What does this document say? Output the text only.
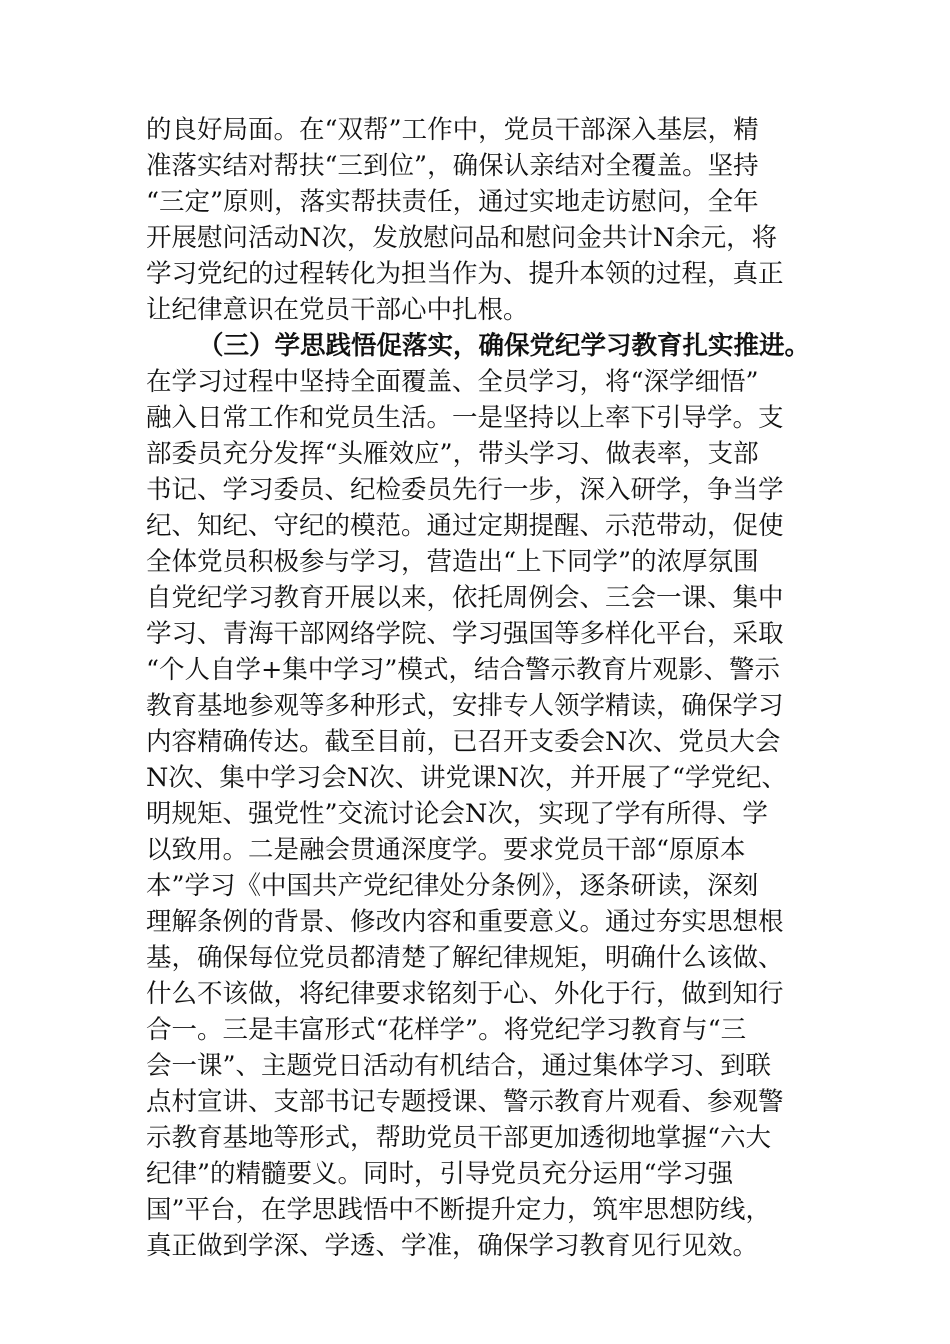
的良好局面。在“双帮”工作中，党员干部深入基层，精
准落实结对帮扶“三到位”，确保认亲结对全覆盖。坚持
“三定”原则，落实帮扶责任，通过实地走访慰问，全年
开展慰问活动N次，发放慰问品和慰问金共计N余元，将
学习党纪的过程转化为担当作为、提升本领的过程，真正
让纪律意识在党员干部心中扎根。
（三）学思践悟促落实，确保党纪学习教育扎实推进。
在学习过程中坚持全面覆盖、全员学习，将“深学细悟”
融入日常工作和党员生活。一是坚持以上率下引导学。支
部委员充分发挥“头雁效应”，带头学习、做表率，支部
书记、学习委员、纪检委员先行一步，深入研学，争当学
纪、知纪、守纪的模范。通过定期提醒、示范带动，促使
全体党员积极参与学习，营造出“上下同学”的浓厚氛围
自党纪学习教育开展以来，依托周例会、三会一课、集中
学习、青海干部网络学院、学习强国等多样化平台，采取
“个人自学+集中学习”模式，结合警示教育片观影、警示
教育基地参观等多种形式，安排专人领学精读，确保学习
内容精确传达。截至目前，已召开支委会N次、党员大会
N次、集中学习会N次、讲党课N次，并开展了“学党纪、
明规矩、强党性”交流讨论会N次，实现了学有所得、学
以致用。二是融会贯通深度学。要求党员干部“原原本
本”学习《中国共产党纪律处分条例》，逐条研读，深刻
理解条例的背景、修改内容和重要意义。通过夯实思想根
基，确保每位党员都清楚了解纪律规矩，明确什么该做、
什么不该做，将纪律要求铭刻于心、外化于行，做到知行
合一。三是丰富形式“花样学”。将党纪学习教育与“三
会一课”、主题党日活动有机结合，通过集体学习、到联
点村宣讲、支部书记专题授课、警示教育片观看、参观警
示教育基地等形式，帮助党员干部更加透彻地掌握“六大
纪律”的精髓要义。同时，引导党员充分运用“学习强
国”平台，在学思践悟中不断提升定力，筑牢思想防线，
真正做到学深、学透、学准，确保学习教育见行见效。
